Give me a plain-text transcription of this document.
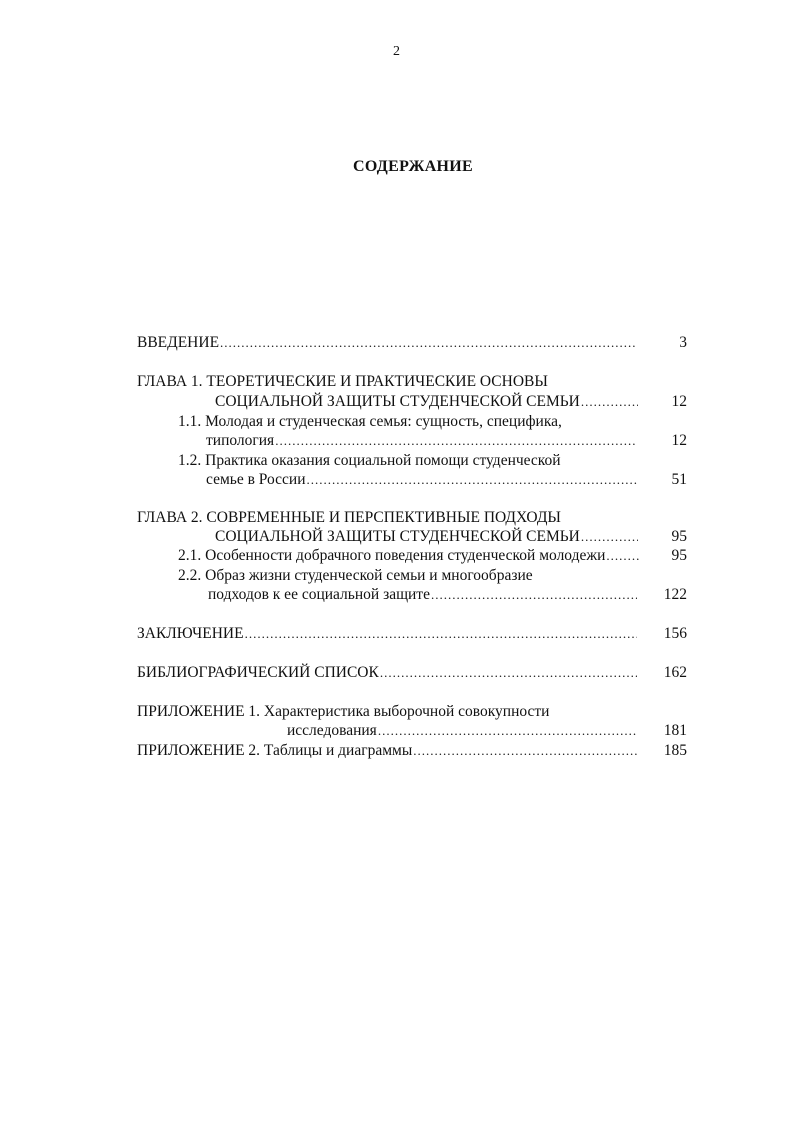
2
СОДЕРЖАНИЕ
ВВЕДЕНИЕ .....	3
ГЛАВА 1. ТЕОРЕТИЧЕСКИЕ И ПРАКТИЧЕСКИЕ ОСНОВЫ
СОЦИАЛЬНОЙ ЗАЩИТЫ СТУДЕНЧЕСКОЙ СЕМЬИ .....	12
1.1. Молодая и студенческая семья: сущность, специфика,
типология .....	12
1.2. Практика оказания социальной помощи студенческой
семье в России .....	51
ГЛАВА 2. СОВРЕМЕННЫЕ И ПЕРСПЕКТИВНЫЕ ПОДХОДЫ
СОЦИАЛЬНОЙ ЗАЩИТЫ СТУДЕНЧЕСКОЙ СЕМЬИ .....	95
2.1. Особенности добрачного поведения студенческой молодежи .....	95
2.2. Образ жизни студенческой семьи и многообразие
подходов к ее социальной защите .....	122
ЗАКЛЮЧЕНИЕ .....	156
БИБЛИОГРАФИЧЕСКИЙ СПИСОК .....	162
ПРИЛОЖЕНИЕ 1. Характеристика выборочной совокупности
исследования .....	181
ПРИЛОЖЕНИЕ 2. Таблицы и диаграммы .....	185
